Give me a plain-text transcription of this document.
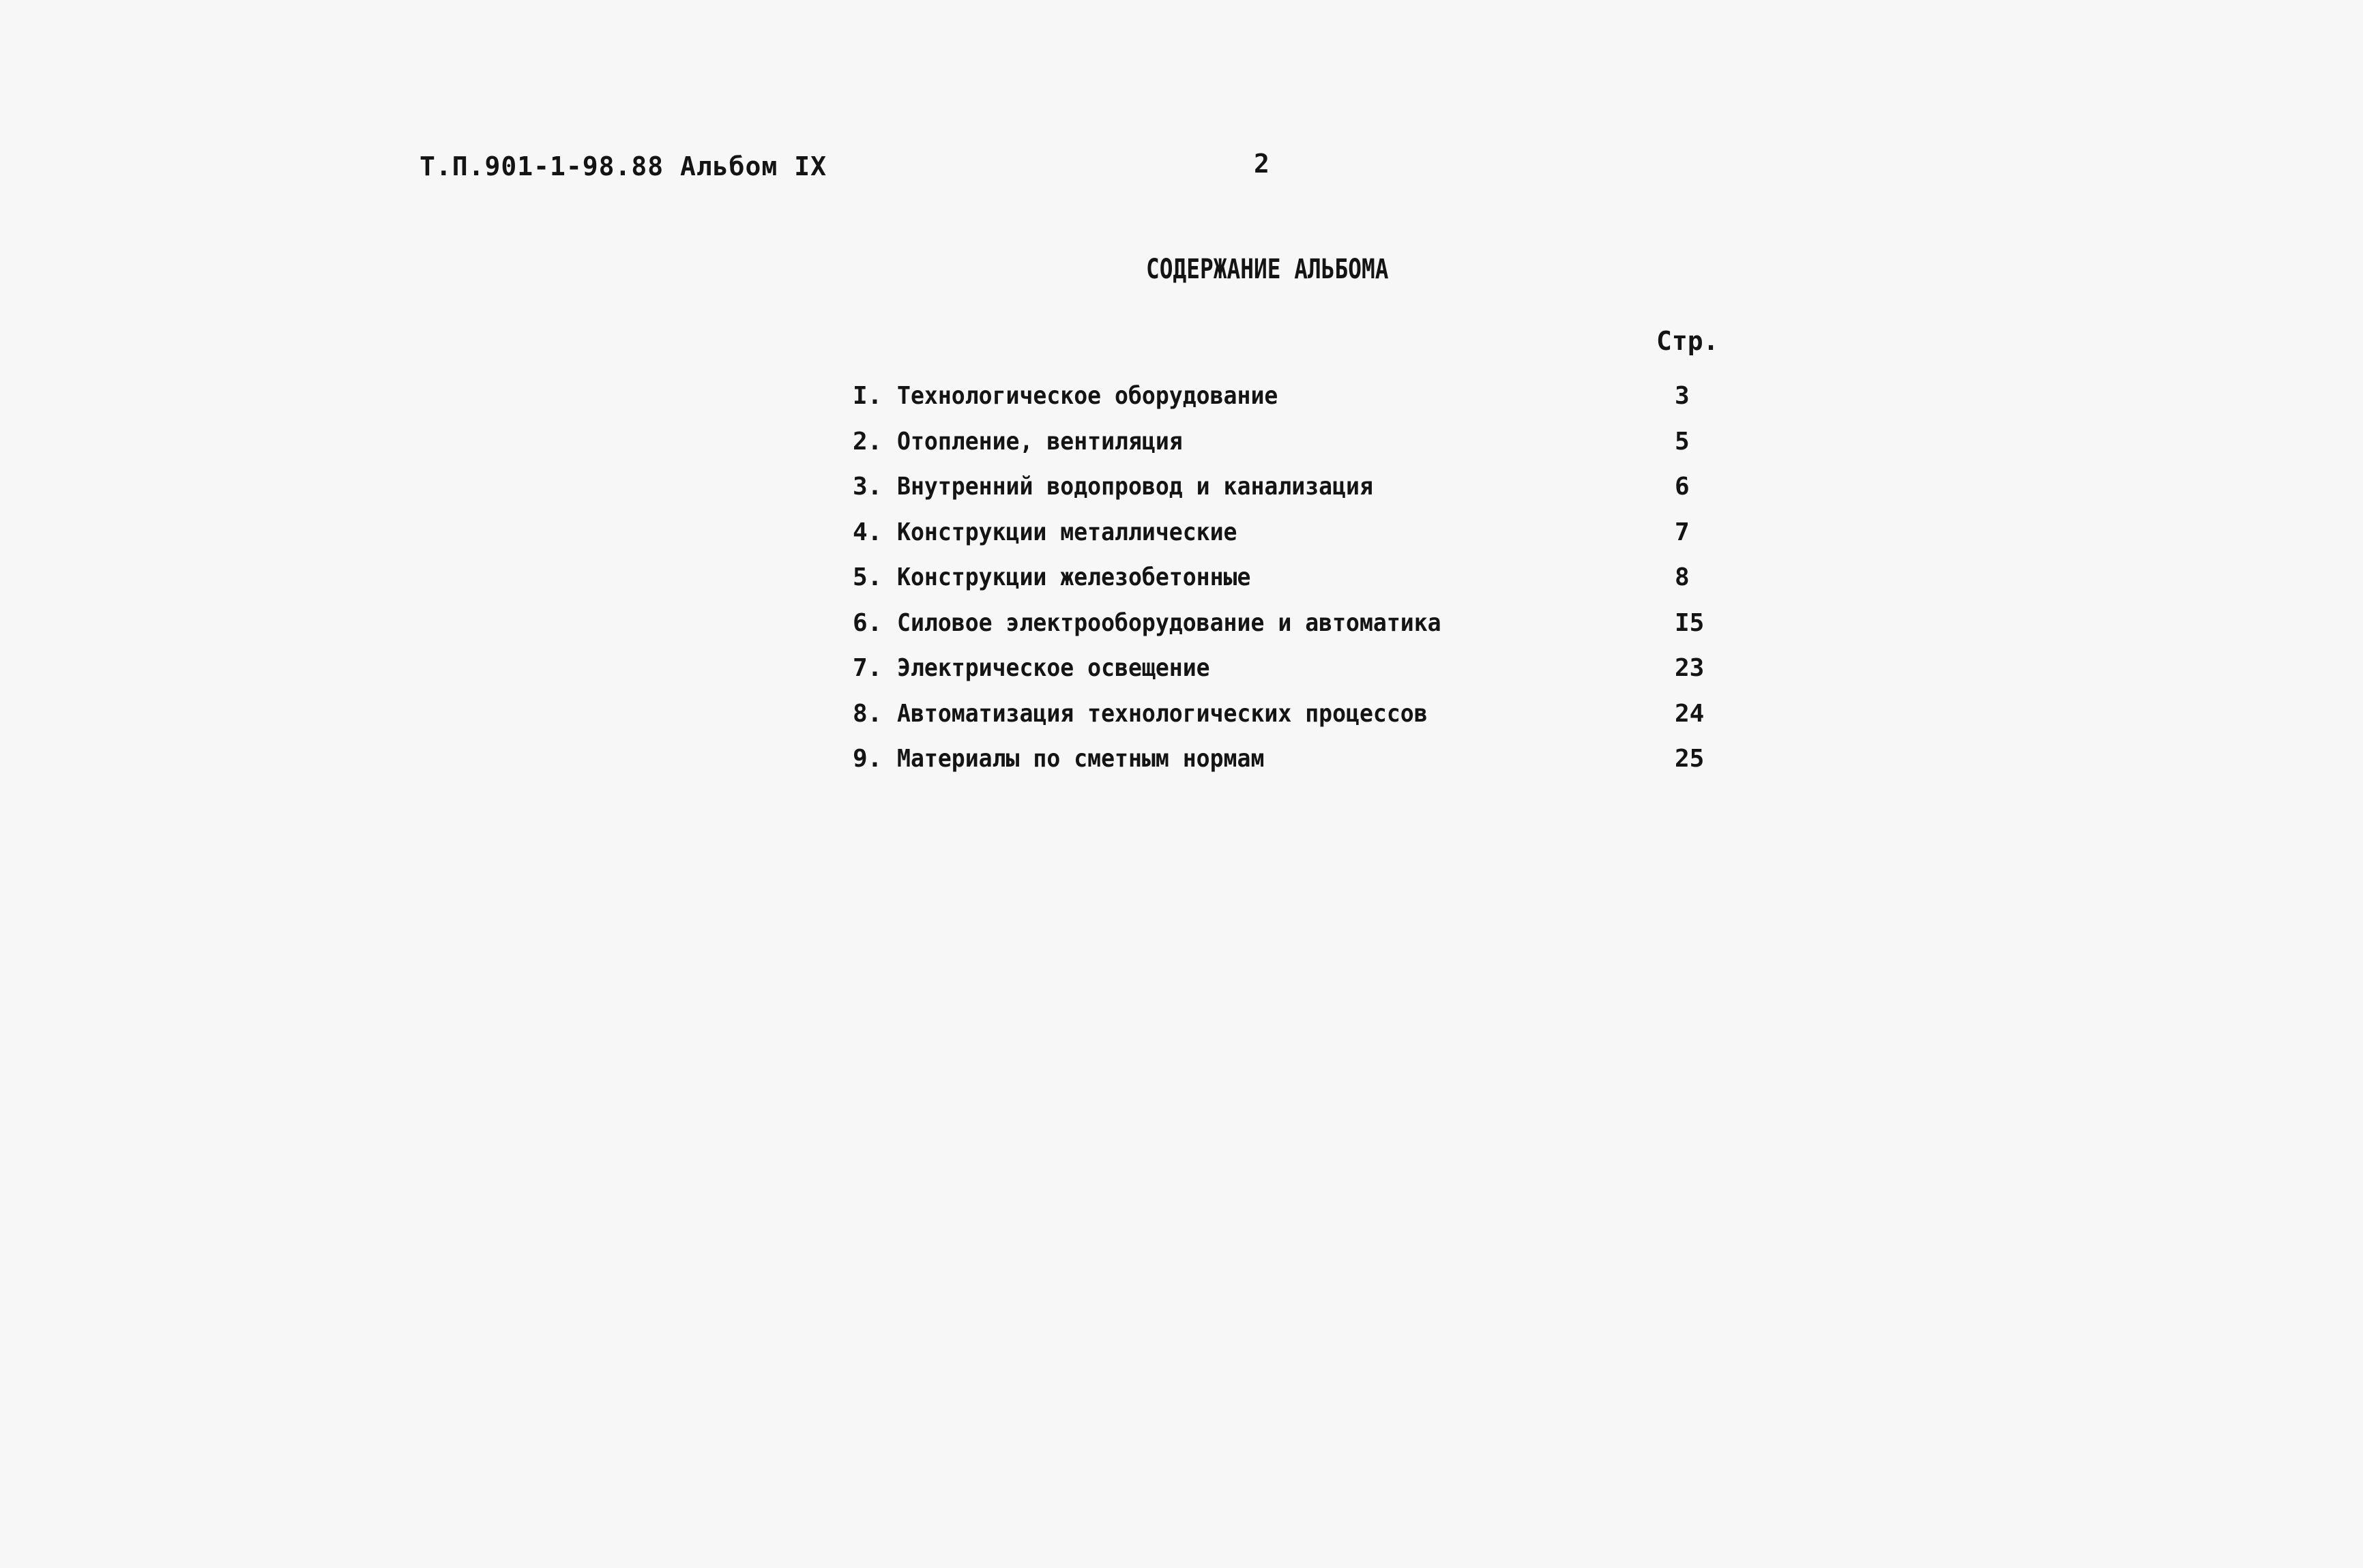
Т.П.901-1-98.88 Альбом IX	2
СОДЕРЖАНИЕ АЛЬБОМА
Стр.
I. Технологическое оборудование	3
2. Отопление, вентиляция	5
3. Внутренний водопровод и канализация	6
4. Конструкции металлические	7
5. Конструкции железобетонные	8
6. Силовое электрооборудование и автоматика	I5
7. Электрическое освещение	23
8. Автоматизация технологических процессов	24
9. Материалы по сметным нормам	25
